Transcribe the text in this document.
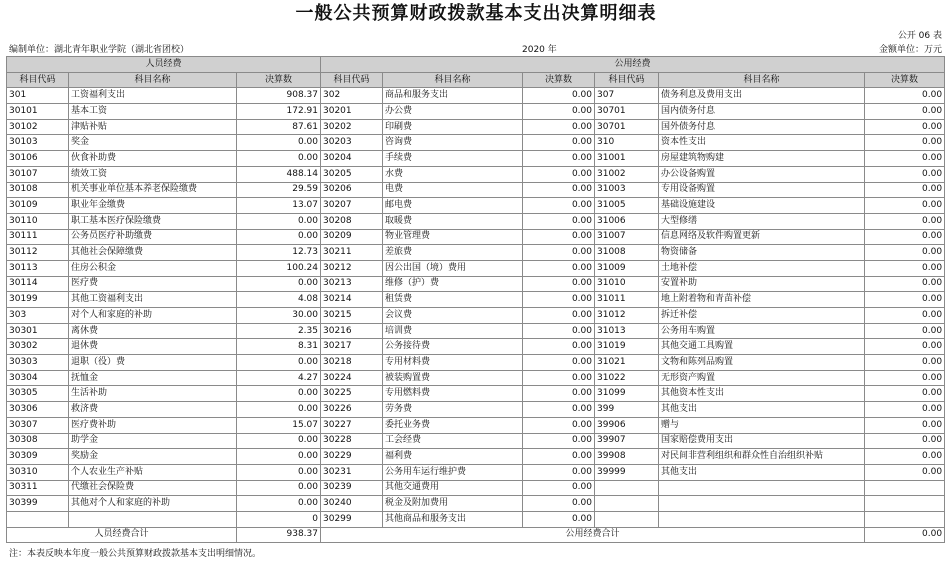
一般公共预算财政拨款基本支出决算明细表
公开 06 表
编制单位：湖北青年职业学院（湖北省团校）	2020 年	金额单位：万元
人员经费			公用经费					
科目代码	科目名称	决算数	科目代码	科目名称	决算数	科目代码	科目名称	决算数
301	工资福利支出	908.37	302	商品和服务支出	0.00	307	债务利息及费用支出	0.00
30101	基本工资	172.91	30201	办公费	0.00	30701	国内债务付息	0.00
30102	津贴补贴	87.61	30202	印刷费	0.00	30701	国外债务付息	0.00
30103	奖金	0.00	30203	咨询费	0.00	310	资本性支出	0.00
30106	伙食补助费	0.00	30204	手续费	0.00	31001	房屋建筑物购建	0.00
30107	绩效工资	488.14	30205	水费	0.00	31002	办公设备购置	0.00
30108	机关事业单位基本养老保险缴费	29.59	30206	电费	0.00	31003	专用设备购置	0.00
30109	职业年金缴费	13.07	30207	邮电费	0.00	31005	基础设施建设	0.00
30110	职工基本医疗保险缴费	0.00	30208	取暖费	0.00	31006	大型修缮	0.00
30111	公务员医疗补助缴费	0.00	30209	物业管理费	0.00	31007	信息网络及软件购置更新	0.00
30112	其他社会保障缴费	12.73	30211	差旅费	0.00	31008	物资储备	0.00
30113	住房公积金	100.24	30212	因公出国（境）费用	0.00	31009	土地补偿	0.00
30114	医疗费	0.00	30213	维修（护）费	0.00	31010	安置补助	0.00
30199	其他工资福利支出	4.08	30214	租赁费	0.00	31011	地上附着物和青苗补偿	0.00
303	对个人和家庭的补助	30.00	30215	会议费	0.00	31012	拆迁补偿	0.00
30301	离休费	2.35	30216	培训费	0.00	31013	公务用车购置	0.00
30302	退休费	8.31	30217	公务接待费	0.00	31019	其他交通工具购置	0.00
30303	退职（役）费	0.00	30218	专用材料费	0.00	31021	文物和陈列品购置	0.00
30304	抚恤金	4.27	30224	被装购置费	0.00	31022	无形资产购置	0.00
30305	生活补助	0.00	30225	专用燃料费	0.00	31099	其他资本性支出	0.00
30306	救济费	0.00	30226	劳务费	0.00	399	其他支出	0.00
30307	医疗费补助	15.07	30227	委托业务费	0.00	39906	赠与	0.00
30308	助学金	0.00	30228	工会经费	0.00	39907	国家赔偿费用支出	0.00
30309	奖励金	0.00	30229	福利费	0.00	39908	对民间非营利组织和群众性自治组织补贴	0.00
30310	个人农业生产补贴	0.00	30231	公务用车运行维护费	0.00	39999	其他支出	0.00
30311	代缴社会保险费	0.00	30239	其他交通费用	0.00			
30399	其他对个人和家庭的补助	0.00	30240	税金及附加费用	0.00			
		0	30299	其他商品和服务支出	0.00			
人员经费合计		938.37	公用经费合计					0.00
注：本表反映本年度一般公共预算财政拨款基本支出明细情况。
